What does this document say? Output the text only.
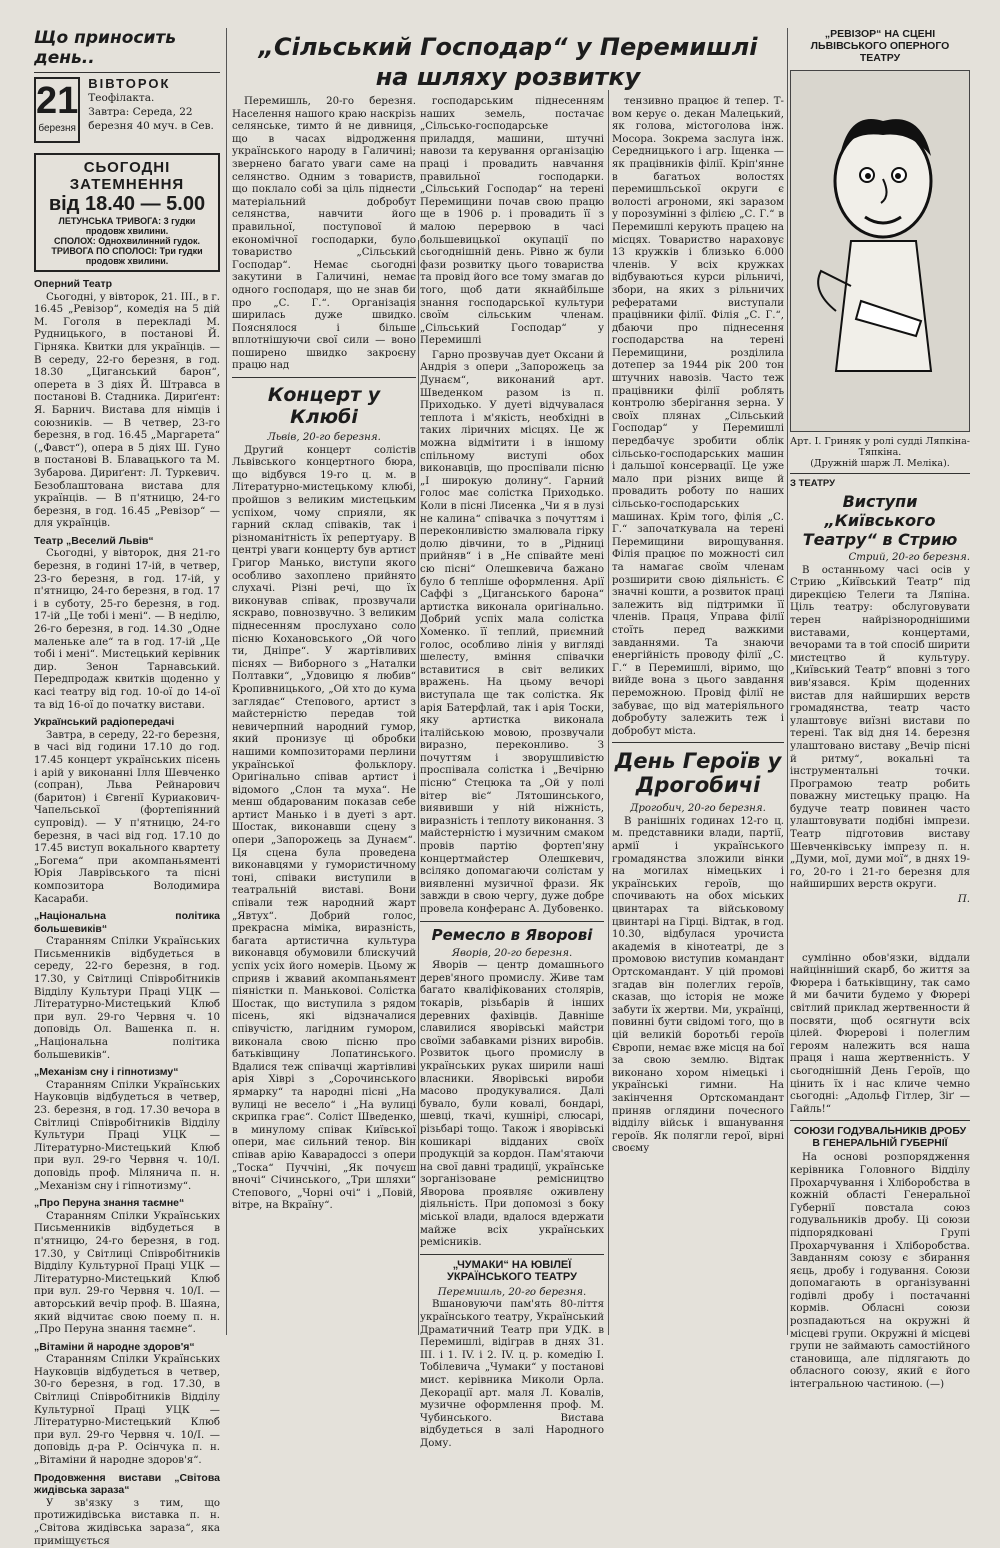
Що приносить день..
21
березня
ВІВТОРОК
Теофілакта.
Завтра: Середа, 22 березня 40 муч. в Сев.
СЬОГОДНІ ЗАТЕМНЕННЯ
від 18.40 — 5.00
ЛЕТУНСЬКА ТРИВОГА: 3 гудки продовж хвилини.
СПОЛОХ: Однохвилинний гудок.
ТРИВОГА ПО СПОЛОСІ: Три гудки продовж хвилини.
Оперний Театр

Сьогодні, у вівторок, 21. III., в г. 16.45 „Ревізор“, комедія на 5 дій М. Гоголя в перекладі М. Рудницького, в постанові Й. Гірняка. Квитки для українців. — В середу, 22-го березня, в год. 18.30 „Циганський барон“, оперета в 3 діях Й. Штравса в постанові В. Стадника. Дириґент: Я. Барнич. Вистава для німців і союзників. — В четвер, 23-го березня, в год. 16.45 „Маргарета“ („Фавст“), опера в 5 діях Ш. Гуно в постанові В. Блавацького та М. Зубарова. Дириґент: Л. Туркевич. Безоблаштована вистава для українців. — В п'ятницю, 24-го березня, в год. 16.45 „Ревізор“ — для українців.

Театр „Веселий Львів“

Сьогодні, у вівторок, дня 21-го березня, в годині 17-ій, в четвер, 23-го березня, в год. 17-ій, у п'ятницю, 24-го березня, в год. 17 і в суботу, 25-го березня, в год. 17-ій „Це тобі і мені“. — В неділю, 26-го березня, в год. 14.30 „Одне маленьке але“ та в год. 17-ій „Це тобі і мені“. Мистецький керівник дир. Зенон Тарнавський. Передпродаж квитків щоденно у касі театру від год. 10-ої до 14-ої та від 16-ої до початку вистави.

Український радіопередачі

Завтра, в середу, 22-го березня, в часі від години 17.10 до год. 17.45 концерт українських пісень і арій у виконанні Ілля Шевченко (сопран), Льва Рейнарович (баритон) і Євгенії Куриакович-Чапельської (фортепіянний супровід). — У п'ятницю, 24-го березня, в часі від год. 17.10 до 17.45 виступ вокального квартету „Богема“ при акомпаньяменті Юрія Лаврівського та пісні композитора Володимира Касараби.

„Національна політика большевиків“

Старанням Спілки Українських Письменників відбудеться в середу, 22-го березня, в год. 17.30, у Світлиці Співробітників Відділу Культури Праці УЦК — Літературно-Мистецький Клюб при вул. 29-го Червня ч. 10 доповідь Ол. Вашенка п. н. „Національна політика большевиків“.

„Механізм сну і гіпнотизму“

Старанням Спілки Українських Науковців відбудеться в четвер, 23. березня, в год. 17.30 вечора в Світлиці Співробітників Відділу Культури Праці УЦК — Літературно-Мистецький Клюб при вул. 29-го Червня ч. 10/I. доповідь проф. Мілянича п. н. „Механізм сну і гіпнотизму“.

„Про Перуна знання таємне“

Старанням Спілки Українських Письменників відбудеться в п'ятницю, 24-го березня, в год. 17.30, у Світлиці Співробітників Відділу Культурної Праці УЦК — Літературно-Мистецький Клюб при вул. 29-го Червня ч. 10/I. — авторський вечір проф. В. Шаяна, який відчитає свою поему п. н. „Про Перуна знання таємне“.

„Вітаміни й народне здоров'я“

Старанням Спілки Українських Науковців відбудеться в четвер, 30-го березня, в год. 17.30, в Світлиці Співробітників Відділу Культурної Праці УЦК — Літературно-Мистецький Клюб при вул. 29-го Червня ч. 10/I. — доповідь д-ра Р. Осінчука п. н. „Вітаміни й народне здоров'я“.

Продовження вистави „Світова жидівська зараза“

У зв'язку з тим, що протижидівська виставка п. н. „Світова жидівська зараза“, яка приміщується

„Сільський Господар“ у Перемишлі
на шляху розвитку

Перемишль, 20-го березня. Населення нашого краю наскрізь селянське, тимто й не дивниця, що в часах відродження українського народу в Галичині; звернено багато уваги саме на селянство. Одним з товариств, що поклало собі за ціль піднести матеріальний добробут селянства, навчити його правильної, поступової й економічної господарки, було товариство „Сільський Господар“. Немає сьогодні закутини в Галичині, немає одного господаря, що не знав би про „С. Г.“. Організація ширилась дуже швидко. Пояснялося і більше вплотнішуючи свої сили — воно поширено швидко закроєну працю над

Концерт у Клюбі
Львів, 20-го березня.

Другий концерт солістів Львівського концертного бюра, що відбувся 19-го ц. м. в Літературно-мистецькому клюбі, пройшов з великим мистецьким успіхом, чому сприяли, як гарний склад співаків, так і різноманітність їх репертуару. В центрі уваги концерту був артист Григор Манько, виступи якого особливо захоплено прийнято слухачі. Різні речі, що їх виконував співак, прозвучали яскраво, повнозвучно. З великим піднесенням прослухано соло пісню Кохановського „Ой чого ти, Дніпре“. У жартівливих піснях — Виборного з „Наталки Полтавки“, „Удовицю я любив“ Кропивницького, „Ой хто до кума заглядає“ Степового, артист з майстерністю передав той невичерпний народний гумор, який пронизує ці обробки нашими композиторами перлини української фольклору. Оригінально співав артист і відомого „Слон та муха“. Не менш обдарованим показав себе артист Манько і в дуеті з арт. Шостак, виконавши сцену з опери „Запорожець за Дунаєм“. Ця сцена була проведена виконавцями у гумористичному тоні, співаки виступили в театральній виставі. Вони співали теж народний жарт „Явтух“. Добрий голос, прекрасна міміка, виразність, багата артистична культура виконавця обумовили блискучий успіх усіх його номерів. Цьому ж сприяв і жвавий акомпаньямент піяністки п. Маньковоі. Солістка Шостак, що виступила з рядом пісень, які відзначалися співучістю, лагідним гумором, виконала свою пісню про батьківщину Лопатинського. Вдалися теж співачці жартівливі арія Хіврі з „Сорочинського ярмарку“ та народні пісні „На вулиці не весело“ і „На вулиці скрипка грає“. Соліст Шведенко, в минулому співак Київської опери, має сильний тенор. Він співав арію Каварадоссі з опери „Тоска“ Пуччіні, „Як почуєш вночі“ Січинського, „Три шляхи“ Степового, „Чорні очі“ і „Повій, вітре, на Вкраїну“.

господарським піднесенням наших земель, постачає „Сільсько-господарське приладдя, машини, штучні навози та керування організацію праці і провадить навчання правильної господарки. „Сільський Господар“ на терені Перемищини почав свою працю ще в 1906 р. і провадить її з малою перервою в часі большевицької окупації по сьогоднішній день. Рівно ж були фази розвитку цього товариства та провід його все тому змагав до того, щоб дати якнайбільше знання господарської культури своїм сільським членам. „Сільський Господар“ у Перемишлі

Гарно прозвучав дует Оксани й Андрія з опери „Запорожець за Дунаєм“, виконаний арт. Шведенком разом із п. Приходько. У дуеті відчувалася теплота і м'якість, необхідні в таких ліричних місцях. Це ж можна відмітити і в іншому спільному виступі обох виконавців, що проспівали пісню „І широкую долину“. Гарний голос має солістка Приходько. Коли в пісні Лисенка „Чи я в лузі не калина“ співачка з почуттям і переконливістю змалювала гірку долю дівчини, то в „Рідниці прийняв“ і в „Не співайте мені сю пісні“ Олешкевича бажано було б тепліше оформлення. Арії Саффі з „Циганського барона“ артистка виконала оригінально. Добрий успіх мала солістка Хоменко. її теплий, приємний голос, особливо лінія у вигляді шелесту, вміння співачки вставитися в світ великих вражень. На цьому вечорі виступала ще так солістка. Як арія Батерфлай, так і арія Тоски, яку артистка виконала італійською мовою, прозвучали виразно, переконливо. З почуттям і зворушливістю проспівала солістка і „Вечірню пісню“ Стецюка та „Ой у полі вітер віє“ Лятошинського, виявивши у ній ніжність, виразність і теплоту виконання. З майстерністю і музичним смаком провів партію фортеп'яну концертмайстер Олешкевич, всіляко допомагаючи солістам у виявленні музичної фрази. Як завжди в свою чергу, дуже добре провела конферанс А. Дубовенко.

Ремесло в Яворові
Яворів, 20-го березня.

Яворів — центр домашнього дерев'яного промислу. Живе там багато кваліфікованих столярів, токарів, різьбарів й інших деревних фахівців. Давніше славилися яворівські майстри своїми забавками різних виробів. Розвиток цього промислу в українських руках ширили наші власники. Яворівські вироби масово продукувалися. Далі бувало, були ковалі, бондарі, шевці, ткачі, кушнірі, слюсарі, різьбарі тощо. Також і яворівські кошикарі відданих своїх продукцій за кордон. Пам'ятаючи на свої давні традиції, українське зорганізоване ремісництво Яворова проявляє оживлену діяльність. При допомозі з боку міської влади, вдалося вдержати майже всіх українських ремісників.

„ЧУМАКИ“ НА ЮВІЛЕЇ УКРАЇНСЬКОГО ТЕАТРУ
Перемишль, 20-го березня.

Вшановуючи пам'ять 80-ліття українського театру, Український Драматичний Театр при УДК. в Перемишлі, відіграв в днях 31. III. і 1. IV. і 2. IV. ц. р. комедію I. Тобілевича „Чумаки“ у постанові мист. керівника Миколи Орла. Декорації арт. маля Л. Ковалів, музичне оформлення проф. М. Чубинського. Вистава відбудеться в залі Народного Дому.

тензивно працює й тепер. Т-вом керує о. декан Малецький, як голова, містоголова інж. Мосора. Зокрема заслуга інж. Середницького і агр. Іщенка — як працівників філії. Кріп'янне в багатьох волостях перемишльської округи є волості агрономи, які заразом у порозумінні з філією „С. Г.“ в Перемишлі керують працею на місцях. Товариство нараховує 13 кружків і близько 6.000 членів. У всіх кружках відбуваються курси рільничі, збори, на яких з рільничих рефератами виступали працівники філії. Філія „С. Г.“, дбаючи про піднесення господарства на терені Перемищини, розділила дотепер за 1944 рік 200 тон штучних навозів. Часто теж працівники філії роблять контролю зберігання зерна. У своїх плянах „Сільський Господар“ у Перемишлі передбачує зробити облік сільсько-господарських машин і дальшої консервації. Це уже мало при різних вище й провадить роботу по наших сільсько-господарських машинах. Крім того, філія „С. Г.“ започаткувала на терені Перемищини вирощування. Філія працює по можності сил та намагає своїм членам розширити свою діяльність. Є значні кошти, а розвиток праці залежить від підтримки її членів. Праця, Управа філії стоїть перед важкими завданнями. Та знаючи енергійність проводу філії „С. Г.“ в Перемишлі, віримо, що вийде вона з цього завдання переможною. Провід філії не забуває, що від матеріяльного добробуту залежить теж і добробут міста.

День Героїв у Дрогобичі
Дрогобич, 20-го березня.

В ранішніх годинах 12-го ц. м. представники влади, партії, армії і українського громадянства зложили вінки на могилах німецьких і українських героїв, що спочивають на обох міських цвинтарах та військовому цвинтарі на Гірці. Відтак, в год. 10.30, відбулася урочиста академія в кінотеатрі, де з промовою виступив командант Ортскомандант. У цій промові згадав він полеглих героїв, сказав, що історія не може забути їх жертви. Ми, українці, повинні бути свідомі того, що в цій великій боротьбі героїв Європи, немає вже місця на бої за свою землю. Відтак виконано хором німецькі і українські гимни. На закінчення Ортскомандант приняв оглядини почесного відділу військ і вшанування героїв. Як полягли герої, вірні своєму

„РЕВІЗОР“ НА СЦЕНІ ЛЬВІВСЬКОГО ОПЕРНОГО ТЕАТРУ
Арт. І. Гриняк у ролі судді Ляпкіна-Тяпкіна.
(Дружній шарж Л. Меліка).
З ТЕАТРУ
Виступи „Київського Театру“ в Стрию
Стрий, 20-го березня.

В останньому часі осів у Стрию „Київський Театр“ під дирекцією Телеги та Ляпіна. Ціль театру: обслуговувати терен найрізнороднішими виставами, концертами, вечорами та в той спосіб ширити мистецтво й культуру. „Київський Театр“ вповні з того вив'язався. Крім щоденних вистав для найширших верств громадянства, театр часто улаштовує виїзні вистави по терені. Так від дня 14. березня улаштовано виставу „Вечір пісні й ритму“, вокальні та інструментальні точки. Програмою театр робить поважну мистецьку працю. На будуче театр повинен часто улаштовувати подібні імпрези. Театр підготовив виставу Шевченківську імпрезу п. н. „Думи, мої, думи мої“, в днях 19-го, 20-го і 21-го березня для найширших верств округи.

П.

сумлінно обов'язки, віддали найцінніший скарб, бо життя за Фюрера і батьківщину, так само й ми бачити будемо у Фюрері світлий приклад жертвенности й посвяти, щоб осягнути всіх цілей. Фюрерові і полеглим героям належить вся наша праця і наша жертвенність. У сьогоднішній День Героїв, що цінить їх і нас кличе чемно сьогодні: „Адольф Гітлер, Зіґ — Гайль!“

СОЮЗИ ГОДУВАЛЬНИКІВ ДРОБУ В ГЕНЕРАЛЬНІЙ ГУБЕРНІЇ

На основі розпорядження керівника Головного Відділу Прохарчування і Хліборобства в кожній області Генеральної Губернії повстала союз годувальників дробу. Ці союзи підпорядковані Групі Прохарчування і Хліборобства. Завданням союзу є збирання яєць, дробу і годування. Союзи допомагають в організуванні годівлі дробу і постачанні кормів. Обласні союзи розпадаються на окружні й місцеві групи. Окружні й місцеві групи не займають самостійного становища, але підлягають до обласного союзу, який є його інтегральною частиною. (—)
